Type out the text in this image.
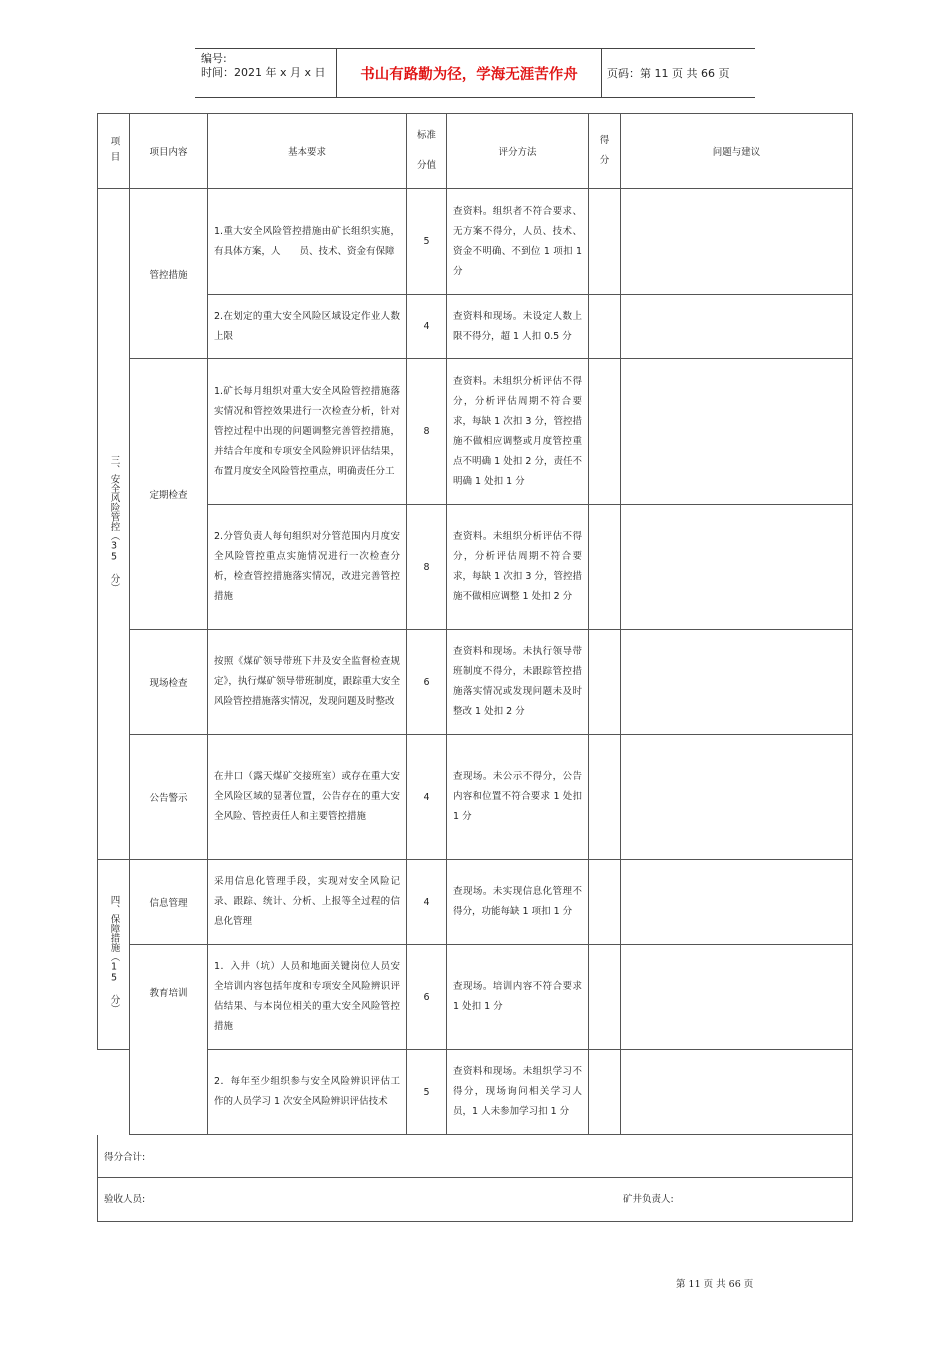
编号:
时间：2021 年 x 月 x 日	书山有路勤为径，学海无涯苦作舟	页码：第 11 页 共 66 页
项目	项目内容	基本要求	标准分值	评分方法	得分	问题与建议

三、安全风险管控（35 分）	管控措施	1.重大安全风险管控措施由矿长组织实施，有具体方案，人　　员、技术、资金有保障	5	查资料。组织者不符合要求、无方案不得分，人员、技术、资金不明确、不到位 1 项扣 1 分		
		2.在划定的重大安全风险区域设定作业人数上限	4	查资料和现场。未设定人数上限不得分，超 1 人扣 0.5 分		
	定期检查	1.矿长每月组织对重大安全风险管控措施落实情况和管控效果进行一次检查分析，针对管控过程中出现的问题调整完善管控措施，并结合年度和专项安全风险辨识评估结果，布置月度安全风险管控重点，明确责任分工	8	查资料。未组织分析评估不得分，分析评估周期不符合要求，每缺 1 次扣 3 分，管控措施不做相应调整或月度管控重点不明确 1 处扣 2 分，责任不明确 1 处扣 1 分		
		2.分管负责人每旬组织对分管范围内月度安全风险管控重点实施情况进行一次检查分析，检查管控措施落实情况，改进完善管控措施	8	查资料。未组织分析评估不得分，分析评估周期不符合要求，每缺 1 次扣 3 分，管控措施不做相应调整 1 处扣 2 分		
	现场检查	按照《煤矿领导带班下井及安全监督检查规定》，执行煤矿领导带班制度，跟踪重大安全风险管控措施落实情况，发现问题及时整改	6	查资料和现场。未执行领导带班制度不得分，未跟踪管控措施落实情况或发现问题未及时整改 1 处扣 2 分		
	公告警示	在井口（露天煤矿交接班室）或存在重大安全风险区域的显著位置，公告存在的重大安全风险、管控责任人和主要管控措施	4	查现场。未公示不得分，公告内容和位置不符合要求 1 处扣 1 分		

四、保障措施（15 分）	信息管理	采用信息化管理手段，实现对安全风险记录、跟踪、统计、分析、上报等全过程的信息化管理	4	查现场。未实现信息化管理不得分，功能每缺 1 项扣 1 分		
	教育培训	1．入井（坑）人员和地面关键岗位人员安全培训内容包括年度和专项安全风险辨识评估结果、与本岗位相关的重大安全风险管控措施	6	查现场。培训内容不符合要求 1 处扣 1 分		
		2．每年至少组织参与安全风险辨识评估工作的人员学习 1 次安全风险辨识评估技术	5	查资料和现场。未组织学习不得分，现场询问相关学习人员，1 人未参加学习扣 1 分		
得分合计:						

验收人员: 矿井负责人:						
第 11 页 共 66 页
